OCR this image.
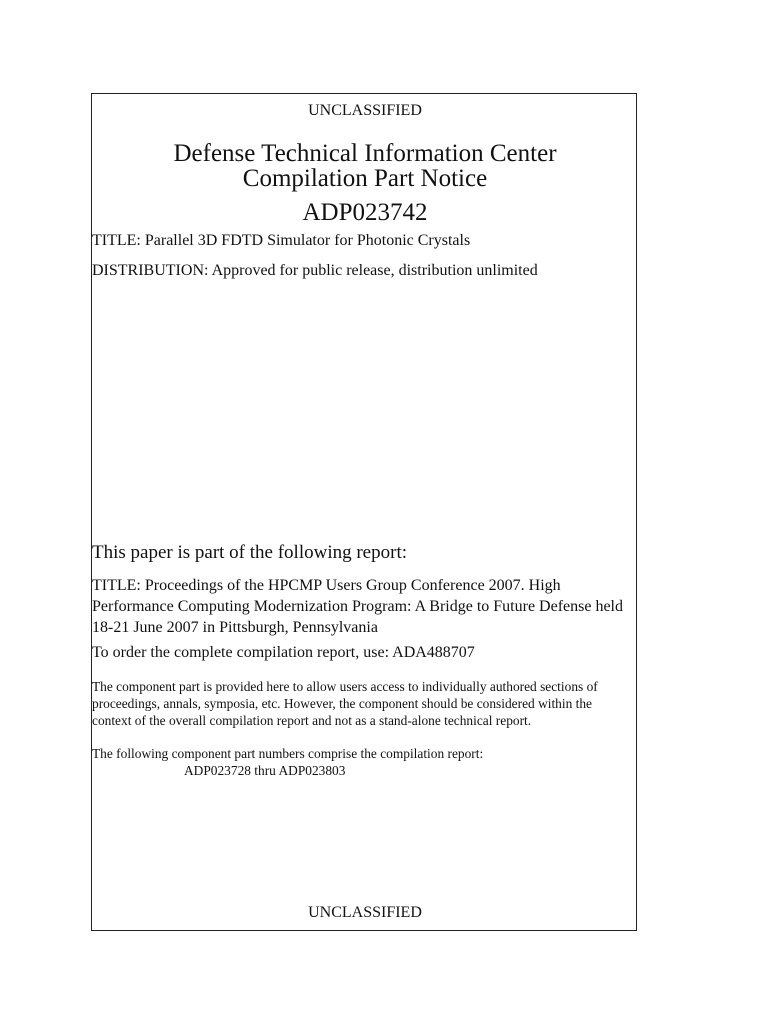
UNCLASSIFIED
Defense Technical Information Center
Compilation Part Notice
ADP023742
TITLE: Parallel 3D FDTD Simulator for Photonic Crystals
DISTRIBUTION: Approved for public release, distribution unlimited
This paper is part of the following report:
TITLE: Proceedings of the HPCMP Users Group Conference 2007. High Performance Computing Modernization Program: A Bridge to Future Defense held 18-21 June 2007 in Pittsburgh, Pennsylvania
To order the complete compilation report, use: ADA488707
The component part is provided here to allow users access to individually authored sections of proceedings, annals, symposia, etc. However, the component should be considered within the context of the overall compilation report and not as a stand-alone technical report.
The following component part numbers comprise the compilation report:
ADP023728 thru ADP023803
UNCLASSIFIED
